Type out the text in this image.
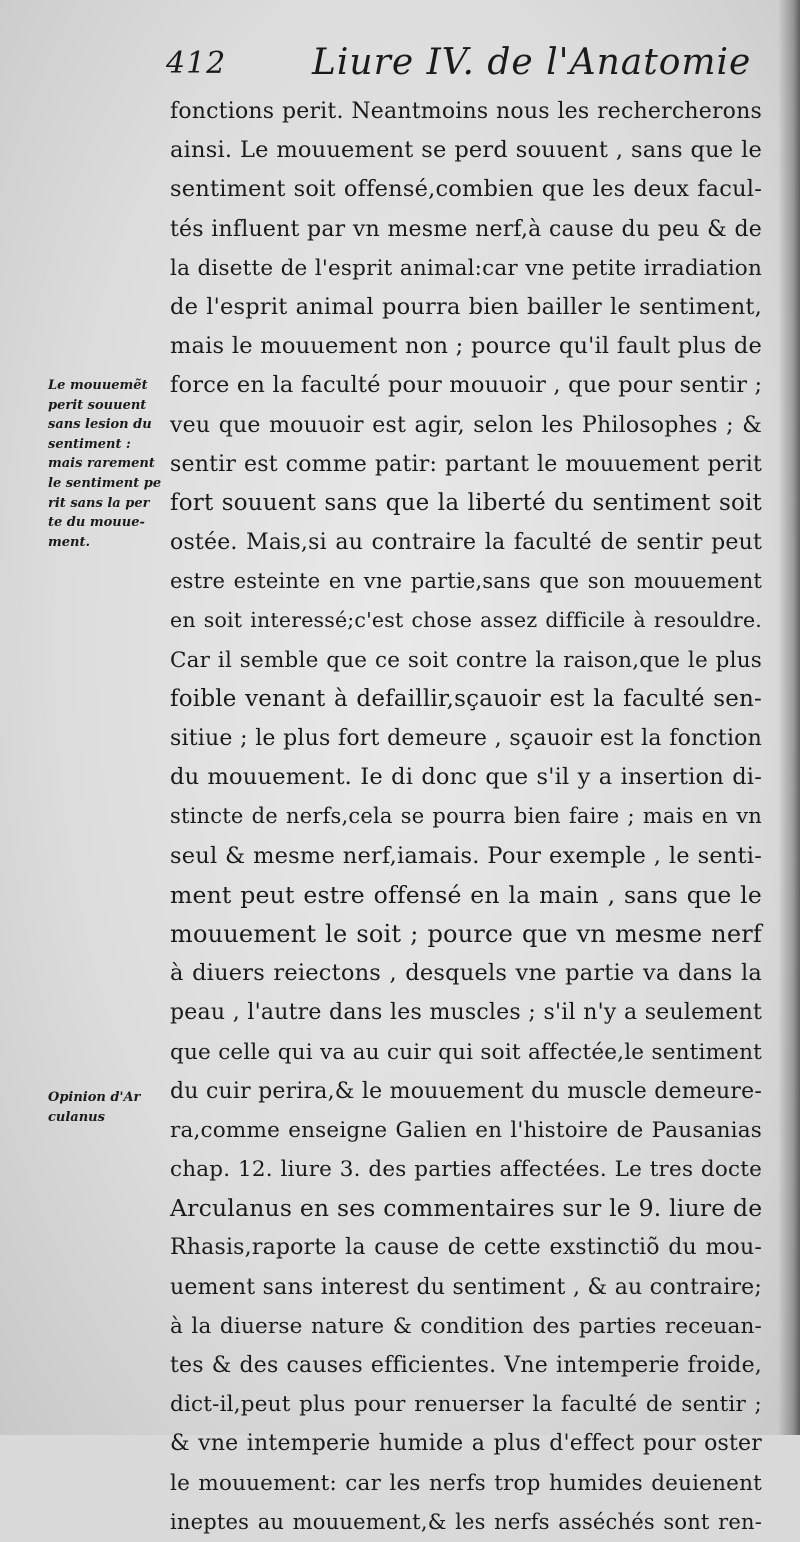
412 Liure IV. de l'Anatomie
Le mouuemẽt
perit souuent
sans lesion du
sentiment :
mais rarement
le sentiment pe
rit sans la per
te du mouue-
ment.
Opinion d'Ar
culanus
fonctions perit. Neantmoins nous les rechercherons
ainsi. Le mouuement se perd souuent , sans que le
sentiment soit offensé,combien que les deux facul-
tés influent par vn mesme nerf,à cause du peu & de
la disette de l'esprit animal:car vne petite irradiation
de l'esprit animal pourra bien bailler le sentiment,
mais le mouuement non ; pource qu'il fault plus de
force en la faculté pour mouuoir , que pour sentir ;
veu que mouuoir est agir, selon les Philosophes ; &
sentir est comme patir: partant le mouuement perit
fort souuent sans que la liberté du sentiment soit
ostée. Mais,si au contraire la faculté de sentir peut
estre esteinte en vne partie,sans que son mouuement
en soit interessé;c'est chose assez difficile à resouldre.
Car il semble que ce soit contre la raison,que le plus
foible venant à defaillir,sçauoir est la faculté sen-
sitiue ; le plus fort demeure , sçauoir est la fonction
du mouuement. Ie di donc que s'il y a insertion di-
stincte de nerfs,cela se pourra bien faire ; mais en vn
seul & mesme nerf,iamais. Pour exemple , le senti-
ment peut estre offensé en la main , sans que le
mouuement le soit ; pource que vn mesme nerf
à diuers reiectons , desquels vne partie va dans la
peau , l'autre dans les muscles ; s'il n'y a seulement
que celle qui va au cuir qui soit affectée,le sentiment
du cuir perira,& le mouuement du muscle demeure-
ra,comme enseigne Galien en l'histoire de Pausanias
chap. 12. liure 3. des parties affectées. Le tres docte
Arculanus en ses commentaires sur le 9. liure de
Rhasis,raporte la cause de cette exstinctiõ du mou-
uement sans interest du sentiment , & au contraire;
à la diuerse nature & condition des parties receuan-
tes & des causes efficientes. Vne intemperie froide,
dict-il,peut plus pour renuerser la faculté de sentir ;
& vne intemperie humide a plus d'effect pour oster
le mouuement: car les nerfs trop humides deuienent
ineptes au mouuement,& les nerfs asséchés sont ren-
